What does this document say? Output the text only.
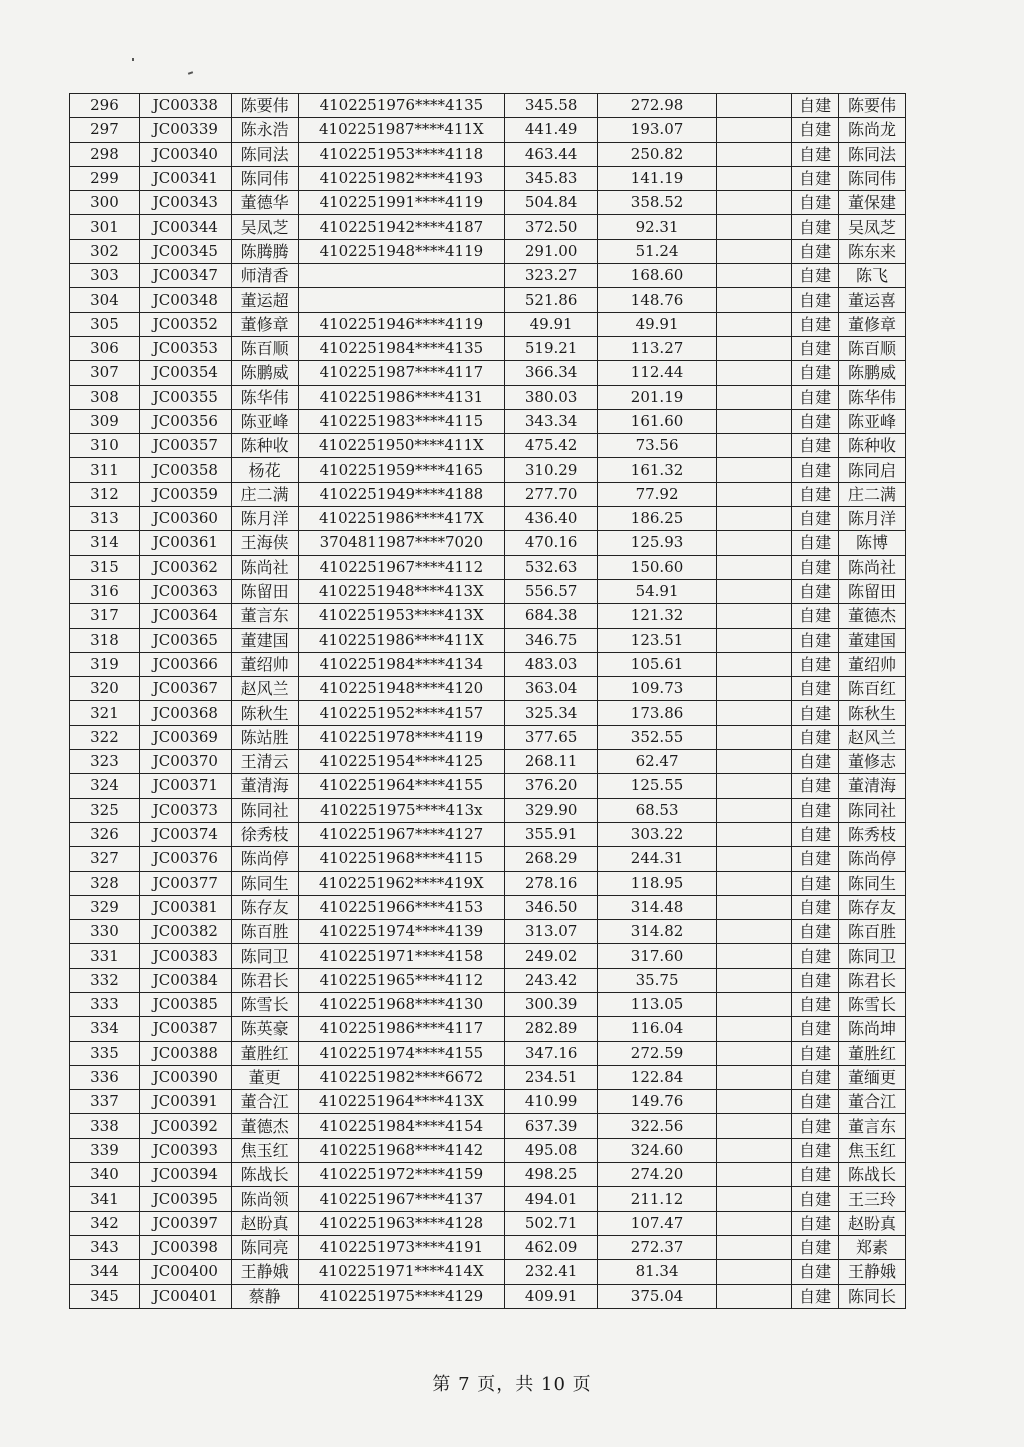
296	JC00338	陈要伟	4102251976****4135	345.58	272.98		自建	陈要伟
297	JC00339	陈永浩	4102251987****411X	441.49	193.07		自建	陈尚龙
298	JC00340	陈同法	4102251953****4118	463.44	250.82		自建	陈同法
299	JC00341	陈同伟	4102251982****4193	345.83	141.19		自建	陈同伟
300	JC00343	董德华	4102251991****4119	504.84	358.52		自建	董保建
301	JC00344	吴凤芝	4102251942****4187	372.50	92.31		自建	吴凤芝
302	JC00345	陈腾腾	4102251948****4119	291.00	51.24		自建	陈东来
303	JC00347	师清香		323.27	168.60		自建	陈飞
304	JC00348	董运超		521.86	148.76		自建	董运喜
305	JC00352	董修章	4102251946****4119	49.91	49.91		自建	董修章
306	JC00353	陈百顺	4102251984****4135	519.21	113.27		自建	陈百顺
307	JC00354	陈鹏威	4102251987****4117	366.34	112.44		自建	陈鹏威
308	JC00355	陈华伟	4102251986****4131	380.03	201.19		自建	陈华伟
309	JC00356	陈亚峰	4102251983****4115	343.34	161.60		自建	陈亚峰
310	JC00357	陈种收	4102251950****411X	475.42	73.56		自建	陈种收
311	JC00358	杨花	4102251959****4165	310.29	161.32		自建	陈同启
312	JC00359	庄二满	4102251949****4188	277.70	77.92		自建	庄二满
313	JC00360	陈月洋	4102251986****417X	436.40	186.25		自建	陈月洋
314	JC00361	王海侠	3704811987****7020	470.16	125.93		自建	陈博
315	JC00362	陈尚社	4102251967****4112	532.63	150.60		自建	陈尚社
316	JC00363	陈留田	4102251948****413X	556.57	54.91		自建	陈留田
317	JC00364	董言东	4102251953****413X	684.38	121.32		自建	董德杰
318	JC00365	董建国	4102251986****411X	346.75	123.51		自建	董建国
319	JC00366	董绍帅	4102251984****4134	483.03	105.61		自建	董绍帅
320	JC00367	赵风兰	4102251948****4120	363.04	109.73		自建	陈百红
321	JC00368	陈秋生	4102251952****4157	325.34	173.86		自建	陈秋生
322	JC00369	陈站胜	4102251978****4119	377.65	352.55		自建	赵风兰
323	JC00370	王清云	4102251954****4125	268.11	62.47		自建	董修志
324	JC00371	董清海	4102251964****4155	376.20	125.55		自建	董清海
325	JC00373	陈同社	4102251975****413x	329.90	68.53		自建	陈同社
326	JC00374	徐秀枝	4102251967****4127	355.91	303.22		自建	陈秀枝
327	JC00376	陈尚停	4102251968****4115	268.29	244.31		自建	陈尚停
328	JC00377	陈同生	4102251962****419X	278.16	118.95		自建	陈同生
329	JC00381	陈存友	4102251966****4153	346.50	314.48		自建	陈存友
330	JC00382	陈百胜	4102251974****4139	313.07	314.82		自建	陈百胜
331	JC00383	陈同卫	4102251971****4158	249.02	317.60		自建	陈同卫
332	JC00384	陈君长	4102251965****4112	243.42	35.75		自建	陈君长
333	JC00385	陈雪长	4102251968****4130	300.39	113.05		自建	陈雪长
334	JC00387	陈英豪	4102251986****4117	282.89	116.04		自建	陈尚坤
335	JC00388	董胜红	4102251974****4155	347.16	272.59		自建	董胜红
336	JC00390	董更	4102251982****6672	234.51	122.84		自建	董缅更
337	JC00391	董合江	4102251964****413X	410.99	149.76		自建	董合江
338	JC00392	董德杰	4102251984****4154	637.39	322.56		自建	董言东
339	JC00393	焦玉红	4102251968****4142	495.08	324.60		自建	焦玉红
340	JC00394	陈战长	4102251972****4159	498.25	274.20		自建	陈战长
341	JC00395	陈尚领	4102251967****4137	494.01	211.12		自建	王三玲
342	JC00397	赵盼真	4102251963****4128	502.71	107.47		自建	赵盼真
343	JC00398	陈同亮	4102251973****4191	462.09	272.37		自建	郑素
344	JC00400	王静娥	4102251971****414X	232.41	81.34		自建	王静娥
345	JC00401	蔡静	4102251975****4129	409.91	375.04		自建	陈同长
第 7 页，共 10 页
